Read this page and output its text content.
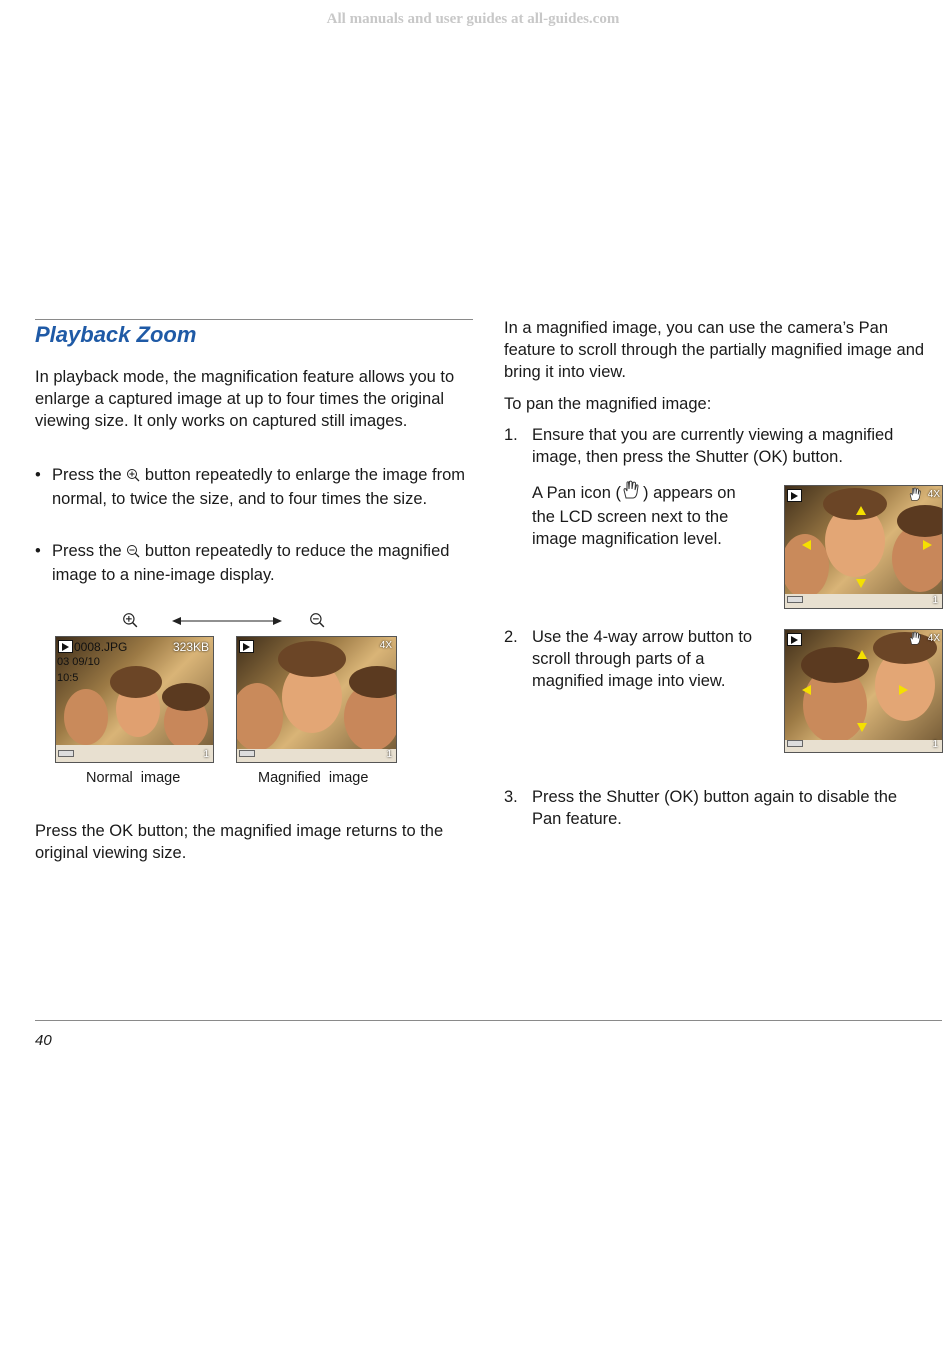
All manuals and user guides at all-guides.com
Playback Zoom

In playback mode, the magnification feature allows you to enlarge a captured image at up to four times the original viewing size. It only works on captured still images.

• Press the button repeatedly to enlarge the image from normal, to twice the size, and to four times the size.

• Press the button repeatedly to reduce the magnified image to a nine-image display.

0008.JPG	323KB
03 09/10
10:5
1
4X
1
Normal  image	Magnified  image

Press the OK button; the magnified image returns to the original viewing size.

In a magnified image, you can use the camera’s Pan feature to scroll through the partially magnified image and bring it into view.

To pan the magnified image:

1. Ensure that you are currently viewing a magnified image, then press the Shutter (OK) button.

A Pan icon ( ) appears on the LCD screen next to the image magnification level.

4X
1
2. Use the 4-way arrow button to scroll through parts of a magnified image into view.

4X
1
3. Press the Shutter (OK) button again to disable the Pan feature.

40
